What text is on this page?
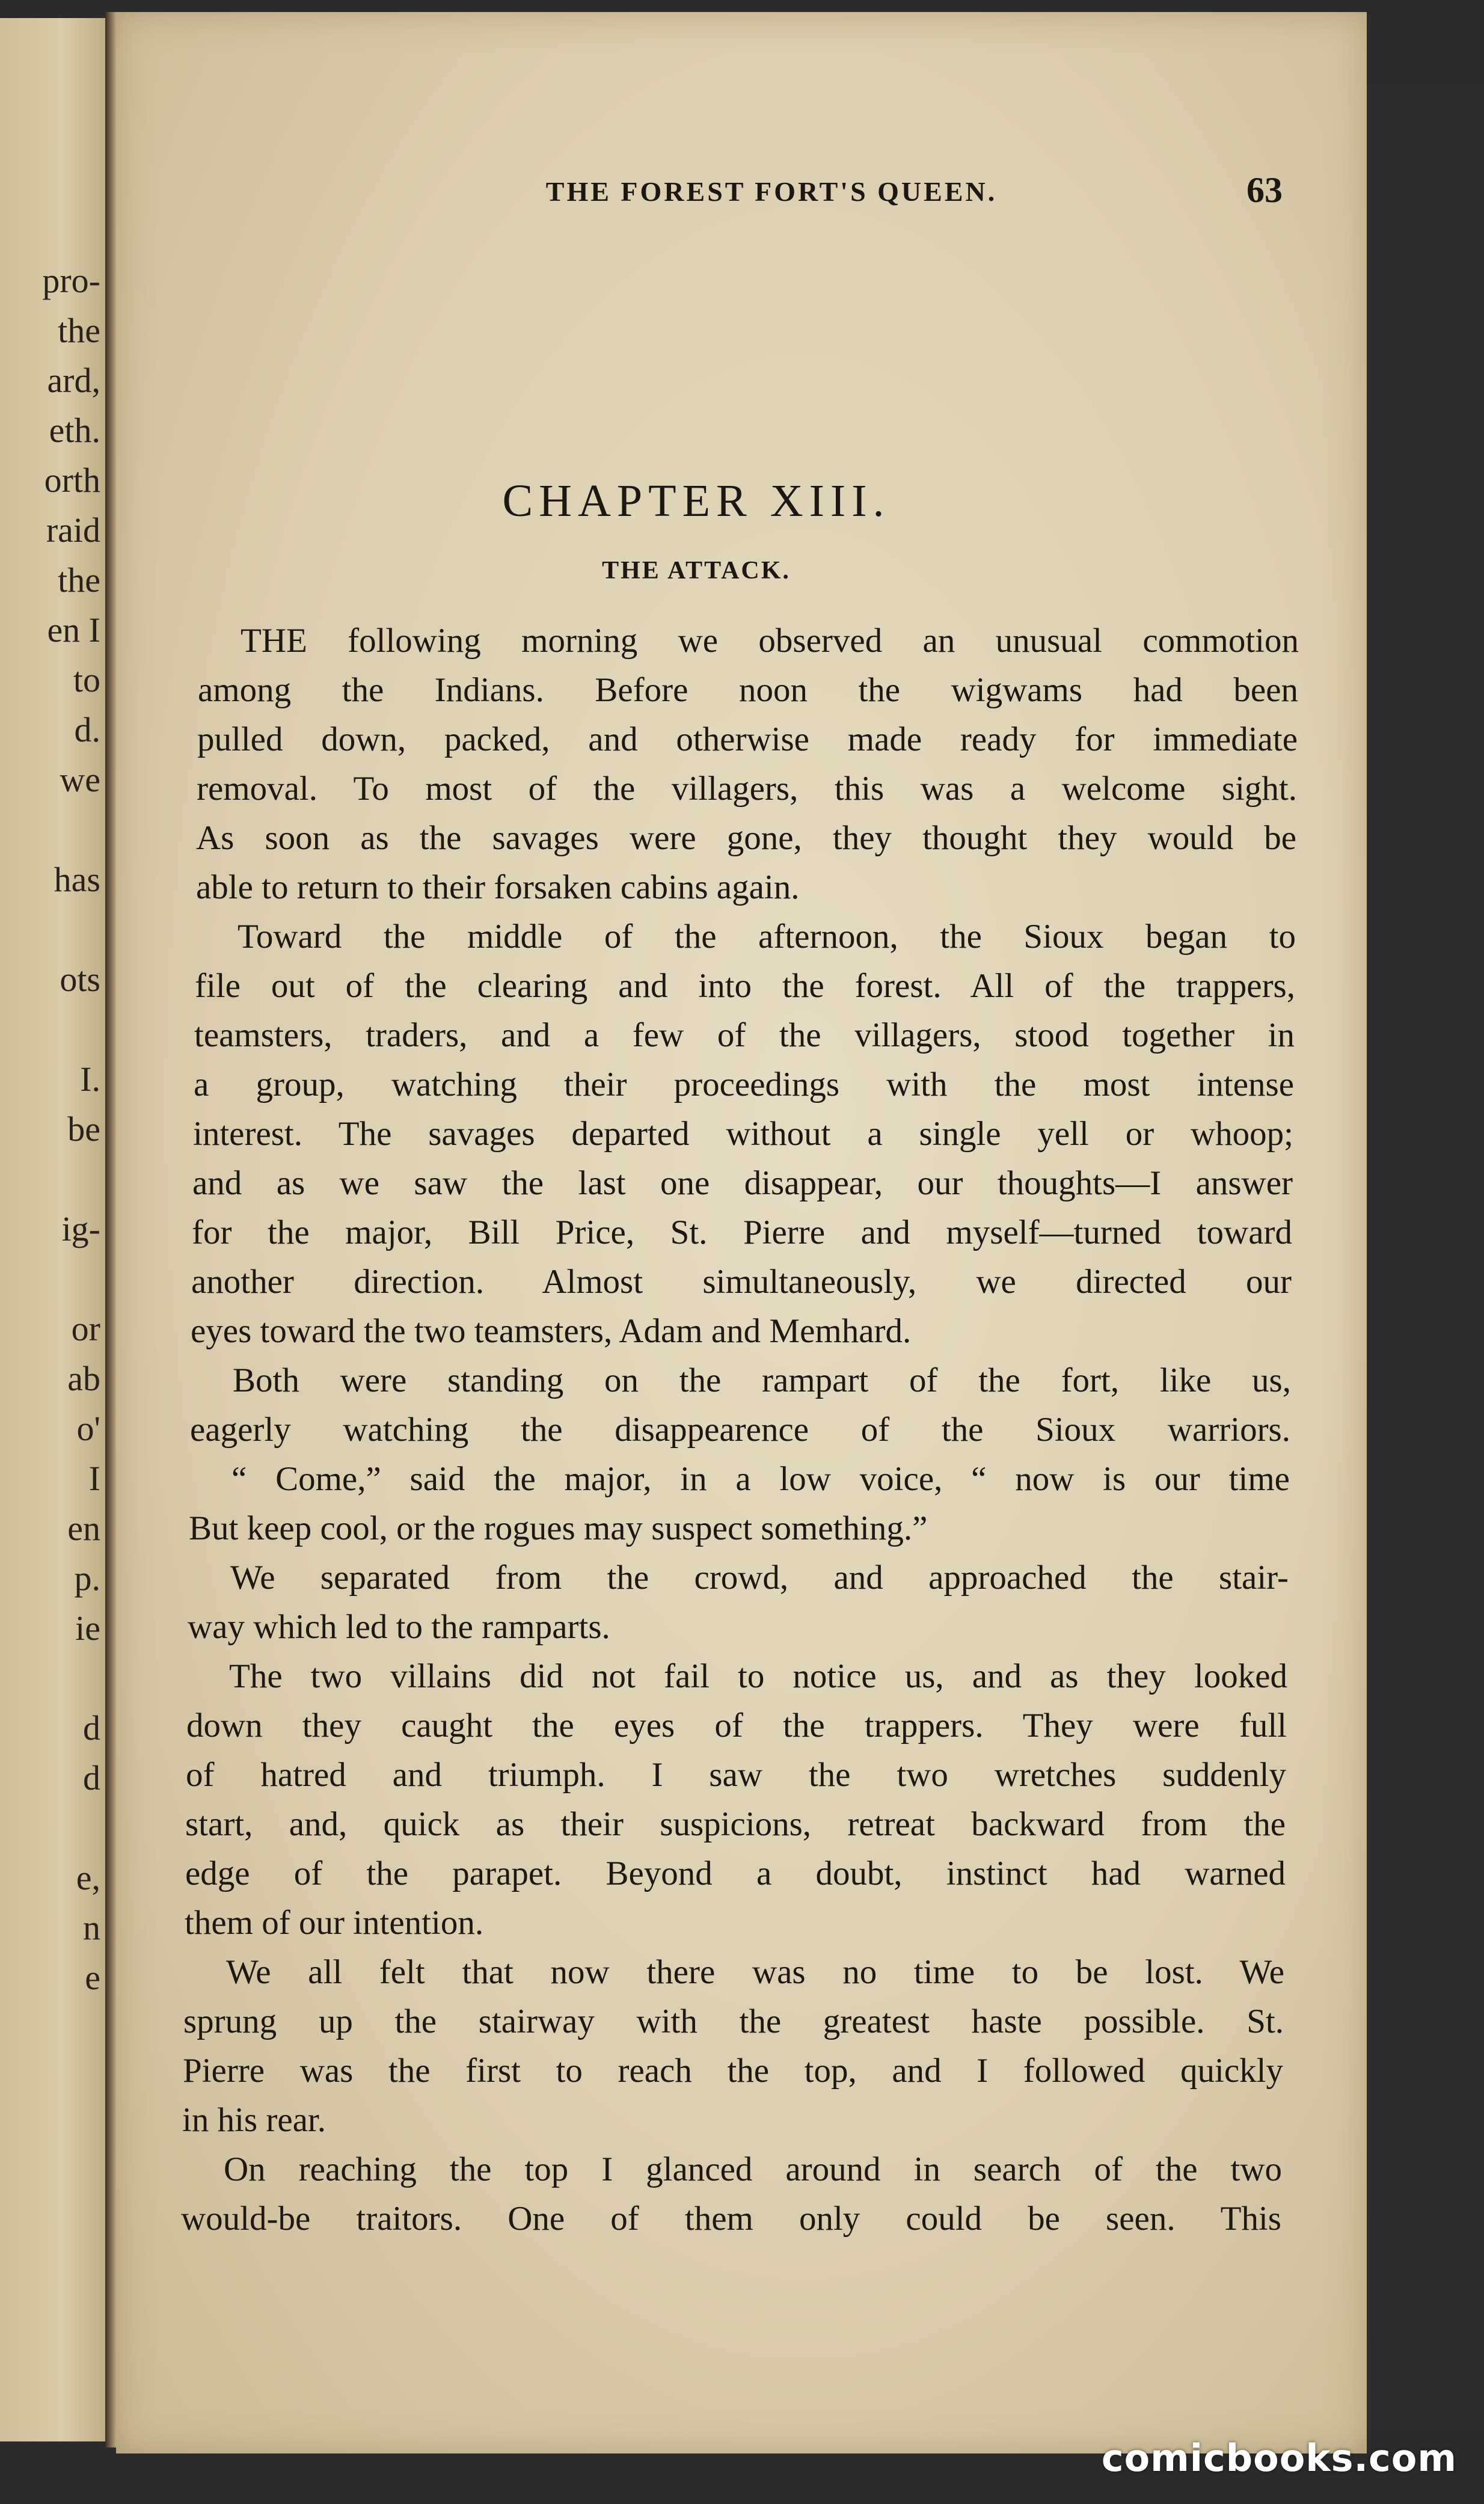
pro-
the
ard,
eth.
orth
raid
the
en I
to
d.
we
has
ots
I.
be
ig-
or
ab
o'
I
en
p.
ie
d
d
e,
n
e
THE FOREST FORT'S QUEEN.	63
CHAPTER XIII.
THE ATTACK.
THE following morning we observed an unusual commotion
among the Indians. Before noon the wigwams had been
pulled down, packed, and otherwise made ready for immediate
removal. To most of the villagers, this was a welcome sight.
As soon as the savages were gone, they thought they would be
able to return to their forsaken cabins again.
Toward the middle of the afternoon, the Sioux began to
file out of the clearing and into the forest. All of the trappers,
teamsters, traders, and a few of the villagers, stood together in
a group, watching their proceedings with the most intense
interest. The savages departed without a single yell or whoop;
and as we saw the last one disappear, our thoughts—I answer
for the major, Bill Price, St. Pierre and myself—turned toward
another direction. Almost simultaneously, we directed our
eyes toward the two teamsters, Adam and Memhard.
Both were standing on the rampart of the fort, like us,
eagerly watching the disappearence of the Sioux warriors.
“ Come,” said the major, in a low voice, “ now is our time
But keep cool, or the rogues may suspect something.”
We separated from the crowd, and approached the stair-
way which led to the ramparts.
The two villains did not fail to notice us, and as they looked
down they caught the eyes of the trappers. They were full
of hatred and triumph. I saw the two wretches suddenly
start, and, quick as their suspicions, retreat backward from the
edge of the parapet. Beyond a doubt, instinct had warned
them of our intention.
We all felt that now there was no time to be lost. We
sprung up the stairway with the greatest haste possible. St.
Pierre was the first to reach the top, and I followed quickly
in his rear.
On reaching the top I glanced around in search of the two
would-be traitors. One of them only could be seen. This
comicbooks.com
